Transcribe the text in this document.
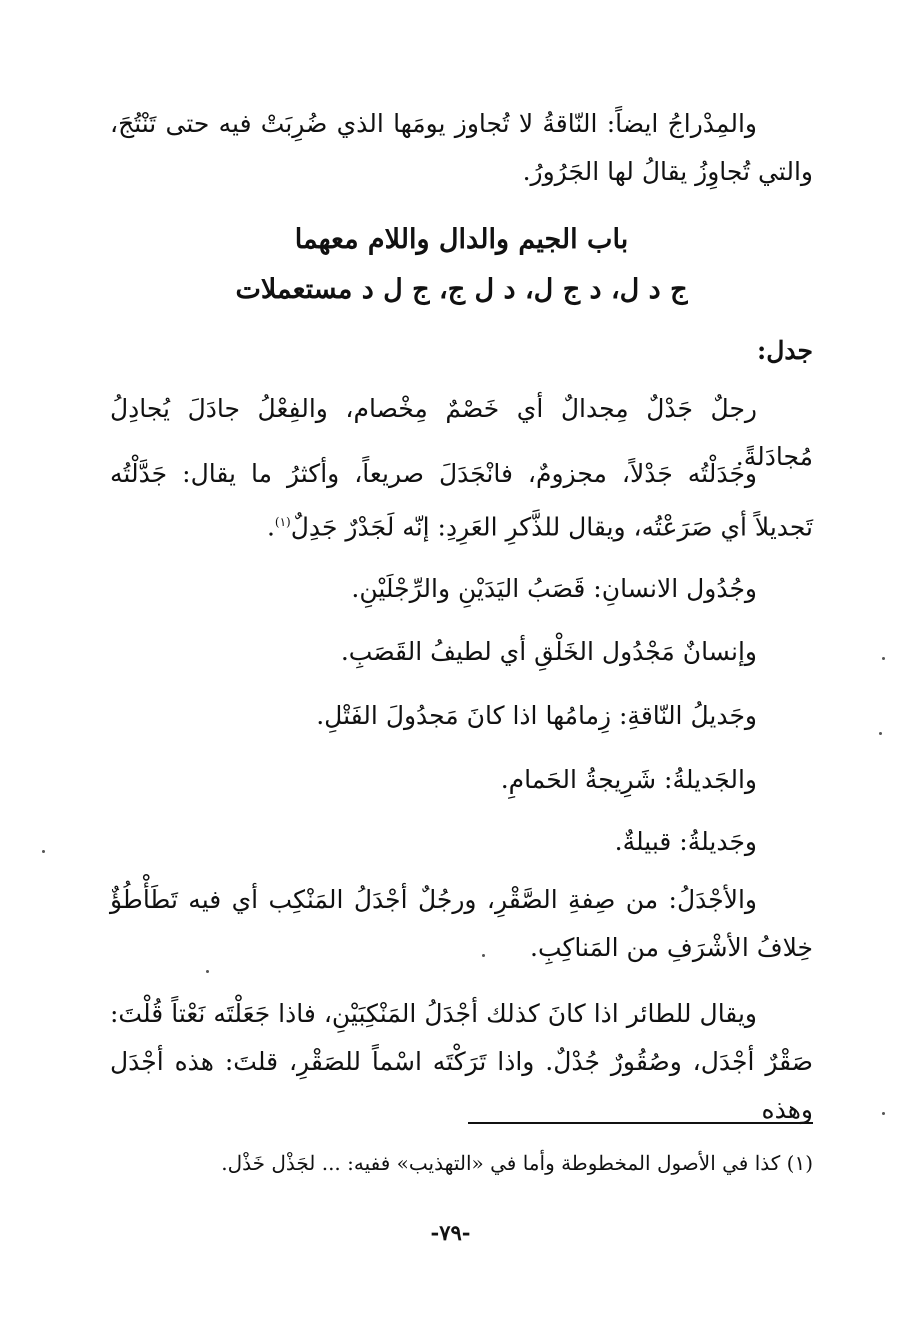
والمِدْراجُ ايضاً: النّاقةُ لا تُجاوز يومَها الذي ضُرِبَتْ فيه حتى تَنْتُجَ، والتي تُجاوِزُ يقالُ لها الجَرُورُ.

باب الجيم والدال واللام معهما

ج د ل، د ج ل، د ل ج، ج ل د مستعملات

جدل:

رجلٌ جَدْلٌ مِجدالٌ أي خَصْمٌ مِخْصام، والفِعْلُ جادَلَ يُجادِلُ مُجادَلةً.

وجَدَلْتُه جَدْلاً، مجزومٌ، فانْجَدَلَ صريعاً، وأكثرُ ما يقال: جَدَّلْتُه تَجديلاً أي صَرَعْتُه، ويقال للذَّكرِ العَرِدِ: إنّه لَجَدْرٌ جَدِلٌ$^{(١)}$.

وجُدُول الانسانِ: قَصَبُ اليَدَيْنِ والرِّجْلَيْنِ.

وإنسانٌ مَجْدُول الخَلْقِ أي لطيفُ القَصَبِ.

وجَديلُ النّاقةِ: زِمامُها اذا كانَ مَجدُولَ الفَتْلِ.

والجَديلةُ: شَرِيجةُ الحَمامِ.

وجَديلةُ: قبيلةٌ.

والأجْدَلُ: من صِفةِ الصَّقْرِ، ورجُلٌ أجْدَلُ المَنْكِب أي فيه تَطَأْطُؤٌ خِلافُ الأشْرَفِ من المَناكِبِ.

ويقال للطائر اذا كانَ كذلك أجْدَلُ المَنْكِبَيْنِ، فاذا جَعَلْتَه نَعْتاً قُلْتَ: صَقْرٌ أجْدَل، وصُقُورٌ جُدْلٌ. واذا تَرَكْتَه اسْماً للصَقْرِ، قلتَ: هذه أجْدَل وهذه

(١) كذا في الأصول المخطوطة وأما في «التهذيب» ففيه: ... لجَذْل خَذْل.

-٧٩-
